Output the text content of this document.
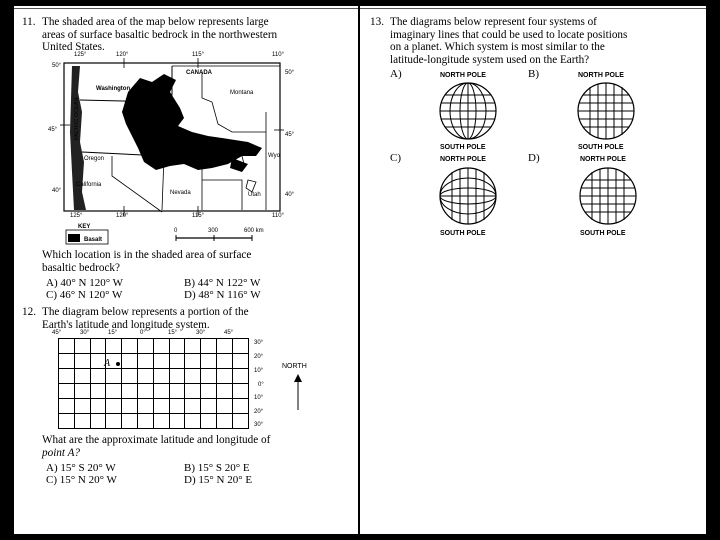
11. The shaded area of the map below represents large
areas of surface basaltic bedrock in the northwestern
United States.
125°	120°	115°	110°
125°	120°	115°	110°
50°
45°
40°
50°
45°
40°
CANADA
Washington
Montana
PACIFIC OCEAN
Idaho
Oregon	Wyo
California
Nevada	Utah
KEY
Basalt
0	300	600 km
Which location is in the shaded area of surface
basaltic bedrock?
A) 40° N 120° W	B) 44° N 122° W
C) 46° N 120° W	D) 48° N 116° W
12. The diagram below represents a portion of the
Earth's latitude and longitude system.
45°	30°	15°	0°	15°	30°	45°

A
30°
20°
10°
0°
10°
20°
30°
NORTH
What are the approximate latitude and longitude of
point A?
A) 15° S 20° W	B) 15° S 20° E
C) 15° N 20° W	D) 15° N 20° E
13. The diagrams below represent four systems of
imaginary lines that could be used to locate positions
on a planet. Which system is most similar to the
latitude-longitude system used on the Earth?
A)	NORTH POLE
SOUTH POLE
B)	NORTH POLE
SOUTH POLE
C)	NORTH POLE
SOUTH POLE
D)	NORTH POLE
SOUTH POLE
